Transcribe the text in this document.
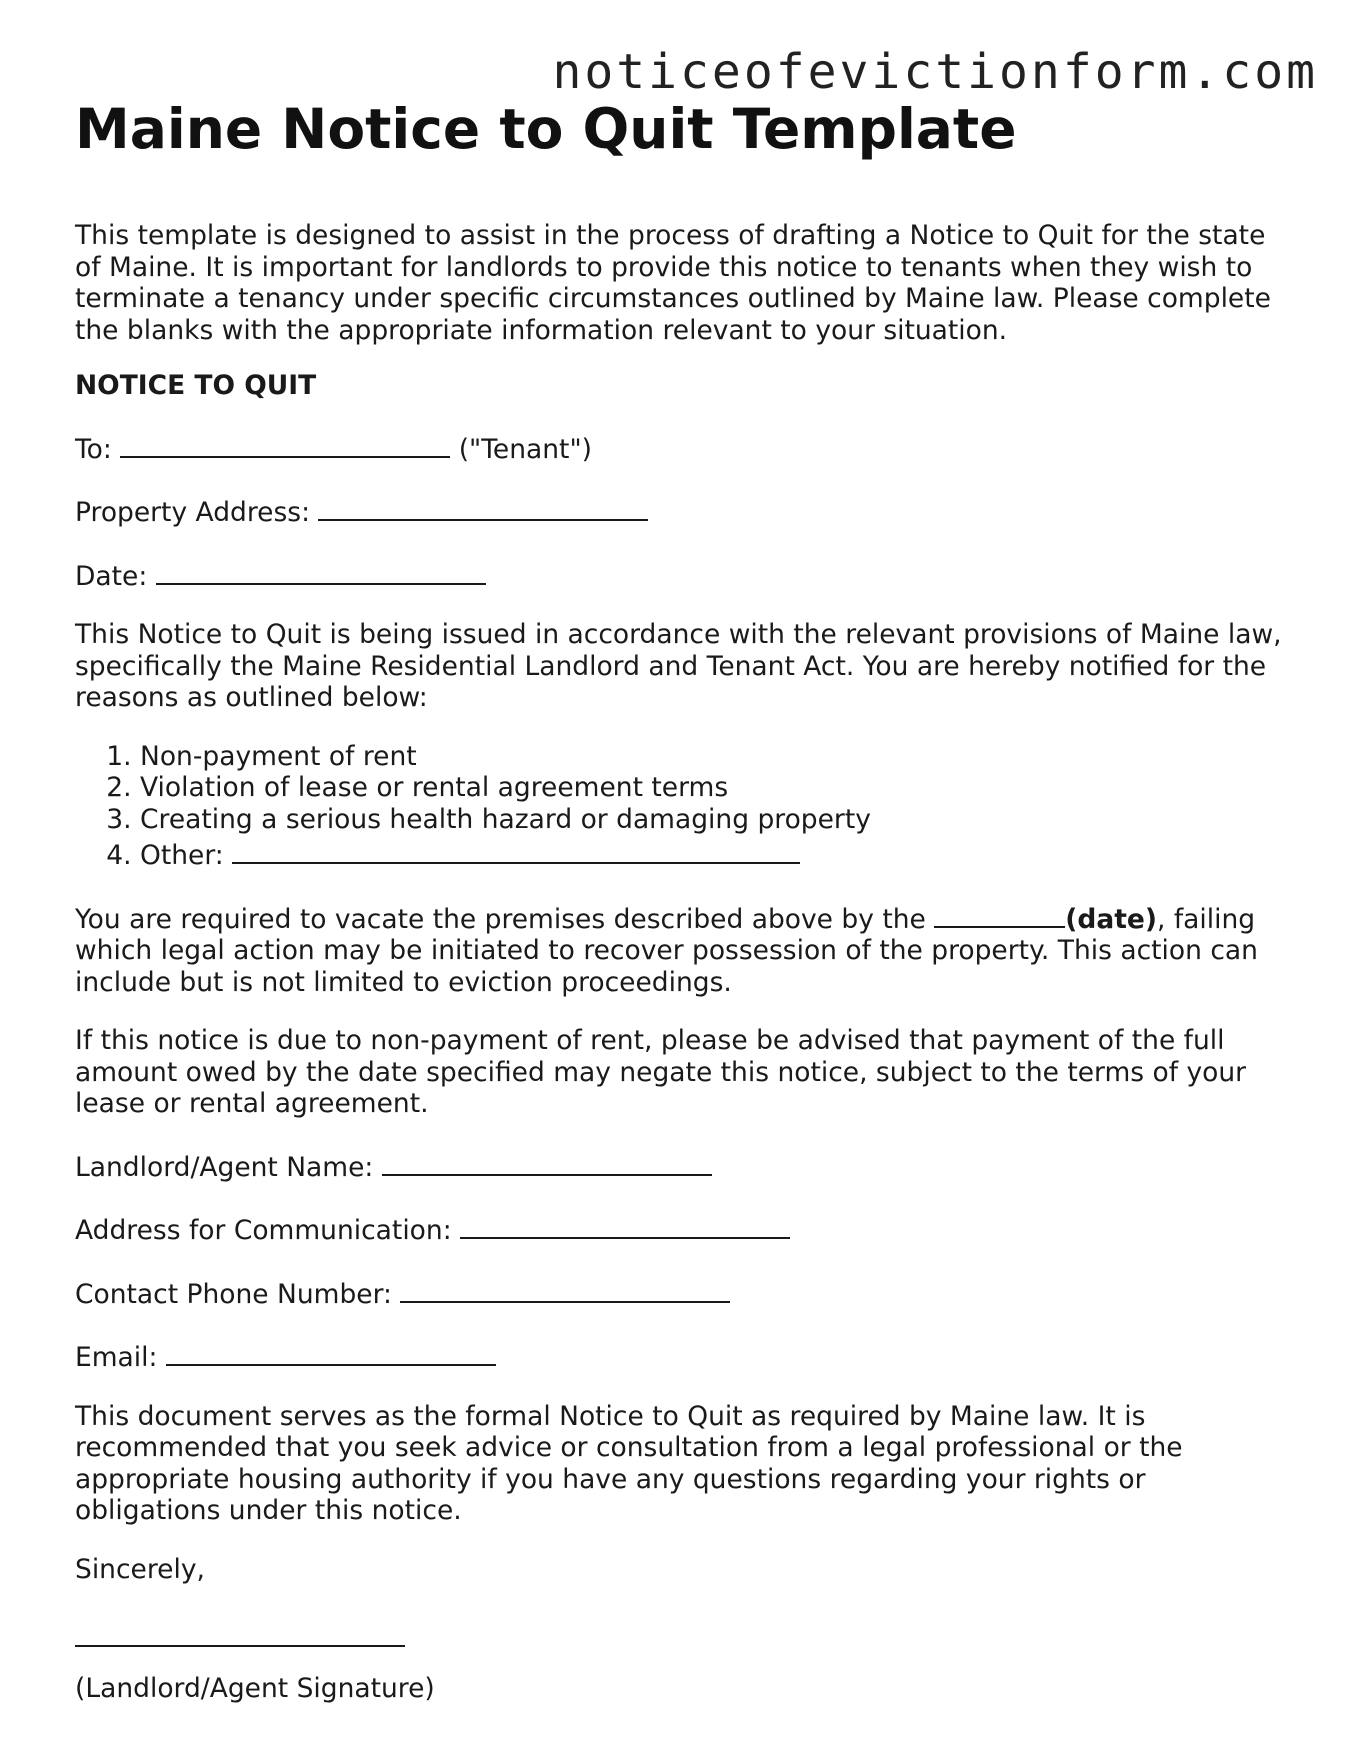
noticeofevictionform.com
Maine Notice to Quit Template

This template is designed to assist in the process of drafting a Notice to Quit for the state of Maine. It is important for landlords to provide this notice to tenants when they wish to terminate a tenancy under specific circumstances outlined by Maine law. Please complete the blanks with the appropriate information relevant to your situation.

NOTICE TO QUIT

To:	("Tenant")

Property Address:

Date:

This Notice to Quit is being issued in accordance with the relevant provisions of Maine law, specifically the Maine Residential Landlord and Tenant Act. You are hereby notified for the reasons as outlined below:

1. Non-payment of rent
2. Violation of lease or rental agreement terms
3. Creating a serious health hazard or damaging property
4. Other:

You are required to vacate the premises described above by the	(date), failing which legal action may be initiated to recover possession of the property. This action can include but is not limited to eviction proceedings.

If this notice is due to non-payment of rent, please be advised that payment of the full amount owed by the date specified may negate this notice, subject to the terms of your lease or rental agreement.

Landlord/Agent Name:

Address for Communication:

Contact Phone Number:

Email:

This document serves as the formal Notice to Quit as required by Maine law. It is recommended that you seek advice or consultation from a legal professional or the appropriate housing authority if you have any questions regarding your rights or obligations under this notice.

Sincerely,

(Landlord/Agent Signature)
